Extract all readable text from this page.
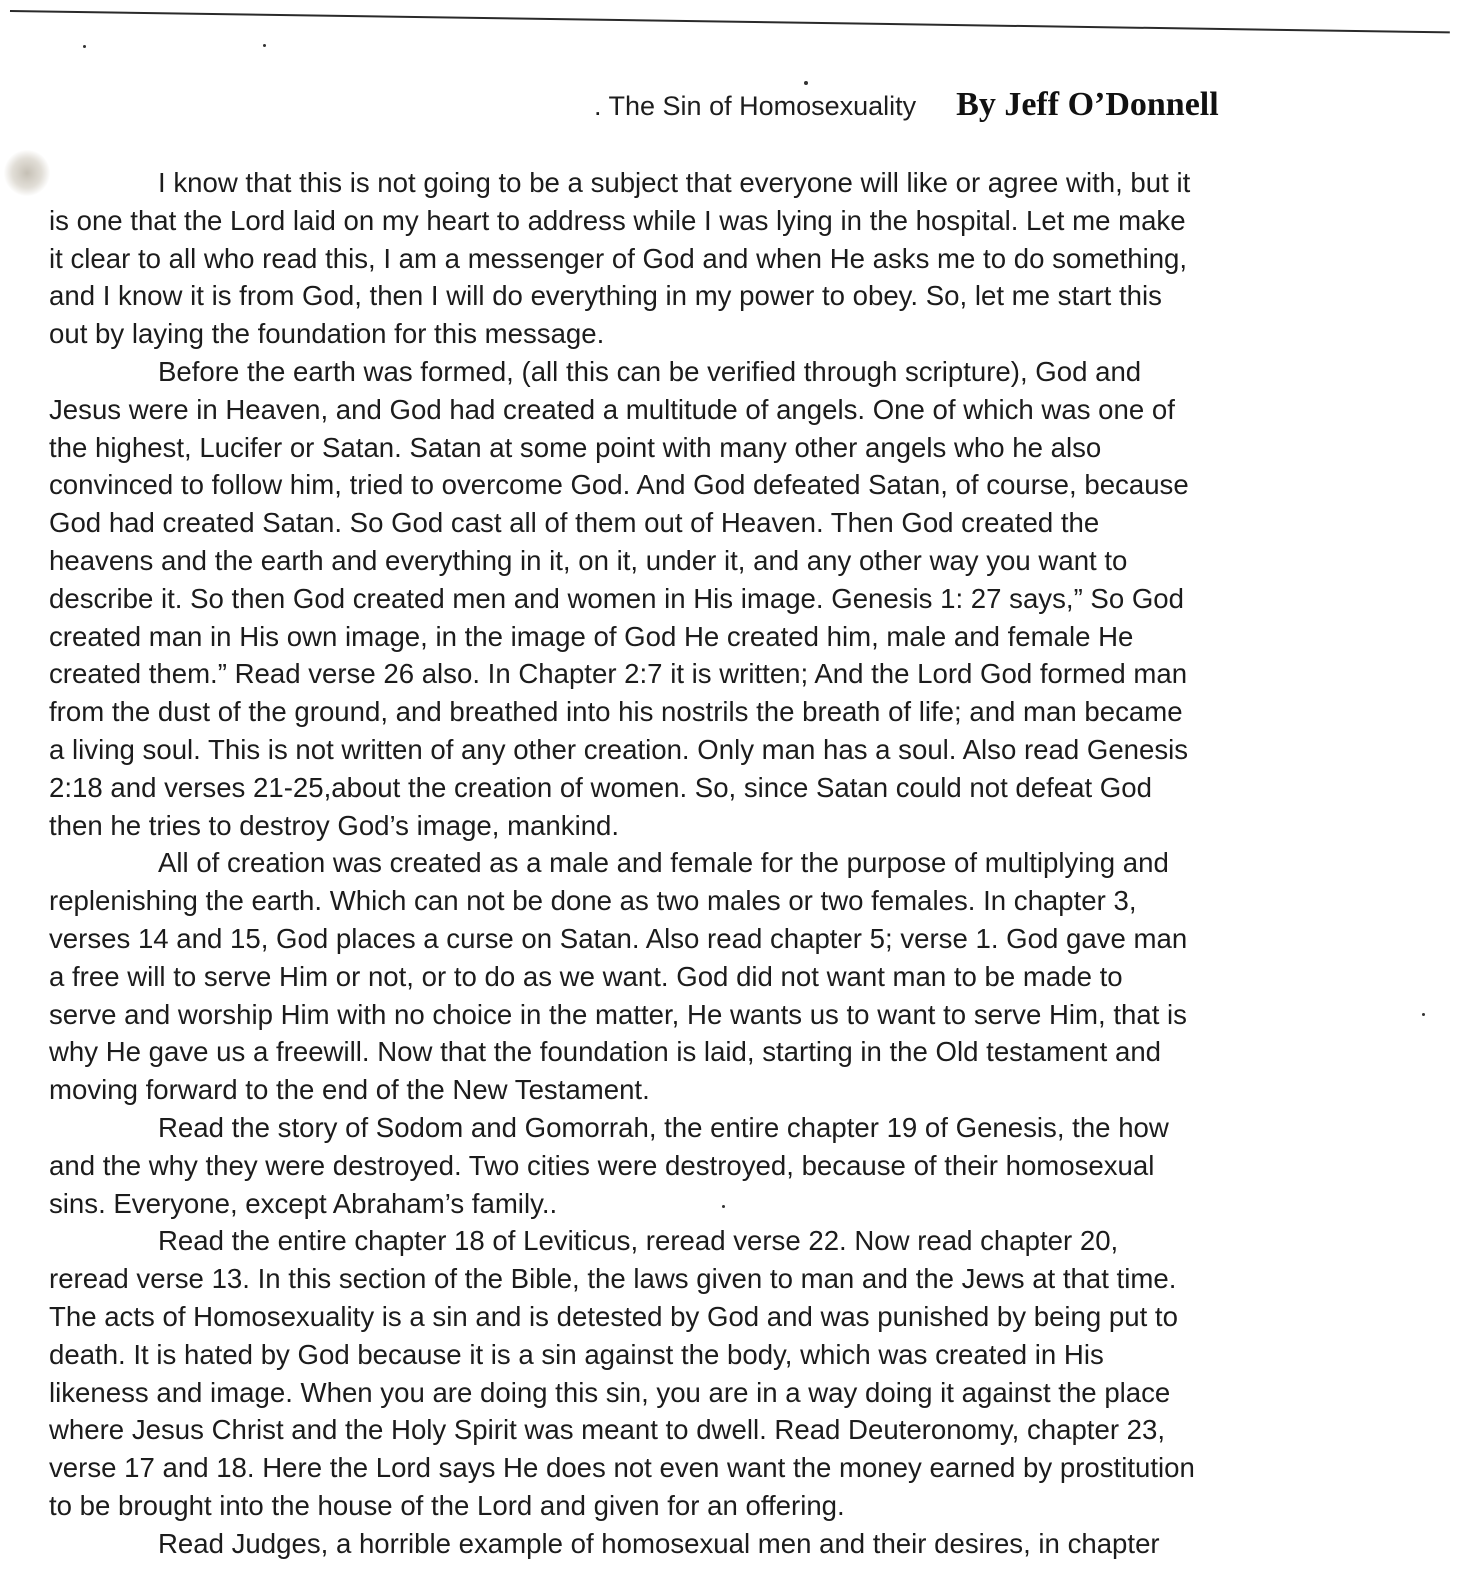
. The Sin of Homosexuality By Jeff O’Donnell

I know that this is not going to be a subject that everyone will like or agree with, but it
is one that the Lord laid on my heart to address while I was lying in the hospital. Let me make
it clear to all who read this, I am a messenger of God and when He asks me to do something,
and I know it is from God, then I will do everything in my power to obey. So, let me start this
out by laying the foundation for this message.

Before the earth was formed, (all this can be verified through scripture), God and
Jesus were in Heaven, and God had created a multitude of angels. One of which was one of
the highest, Lucifer or Satan. Satan at some point with many other angels who he also
convinced to follow him, tried to overcome God. And God defeated Satan, of course, because
God had created Satan. So God cast all of them out of Heaven. Then God created the
heavens and the earth and everything in it, on it, under it, and any other way you want to
describe it. So then God created men and women in His image. Genesis 1: 27 says,” So God
created man in His own image, in the image of God He created him, male and female He
created them.” Read verse 26 also. In Chapter 2:7 it is written; And the Lord God formed man
from the dust of the ground, and breathed into his nostrils the breath of life; and man became
a living soul. This is not written of any other creation. Only man has a soul. Also read Genesis
2:18 and verses 21-25,about the creation of women. So, since Satan could not defeat God
then he tries to destroy God’s image, mankind.

All of creation was created as a male and female for the purpose of multiplying and
replenishing the earth. Which can not be done as two males or two females. In chapter 3,
verses 14 and 15, God places a curse on Satan. Also read chapter 5; verse 1. God gave man
a free will to serve Him or not, or to do as we want. God did not want man to be made to
serve and worship Him with no choice in the matter, He wants us to want to serve Him, that is
why He gave us a freewill. Now that the foundation is laid, starting in the Old testament and
moving forward to the end of the New Testament.

Read the story of Sodom and Gomorrah, the entire chapter 19 of Genesis, the how
and the why they were destroyed. Two cities were destroyed, because of their homosexual
sins. Everyone, except Abraham’s family..

Read the entire chapter 18 of Leviticus, reread verse 22. Now read chapter 20,
reread verse 13. In this section of the Bible, the laws given to man and the Jews at that time.
The acts of Homosexuality is a sin and is detested by God and was punished by being put to
death. It is hated by God because it is a sin against the body, which was created in His
likeness and image. When you are doing this sin, you are in a way doing it against the place
where Jesus Christ and the Holy Spirit was meant to dwell. Read Deuteronomy, chapter 23,
verse 17 and 18. Here the Lord says He does not even want the money earned by prostitution
to be brought into the house of the Lord and given for an offering.

Read Judges, a horrible example of homosexual men and their desires, in chapter
